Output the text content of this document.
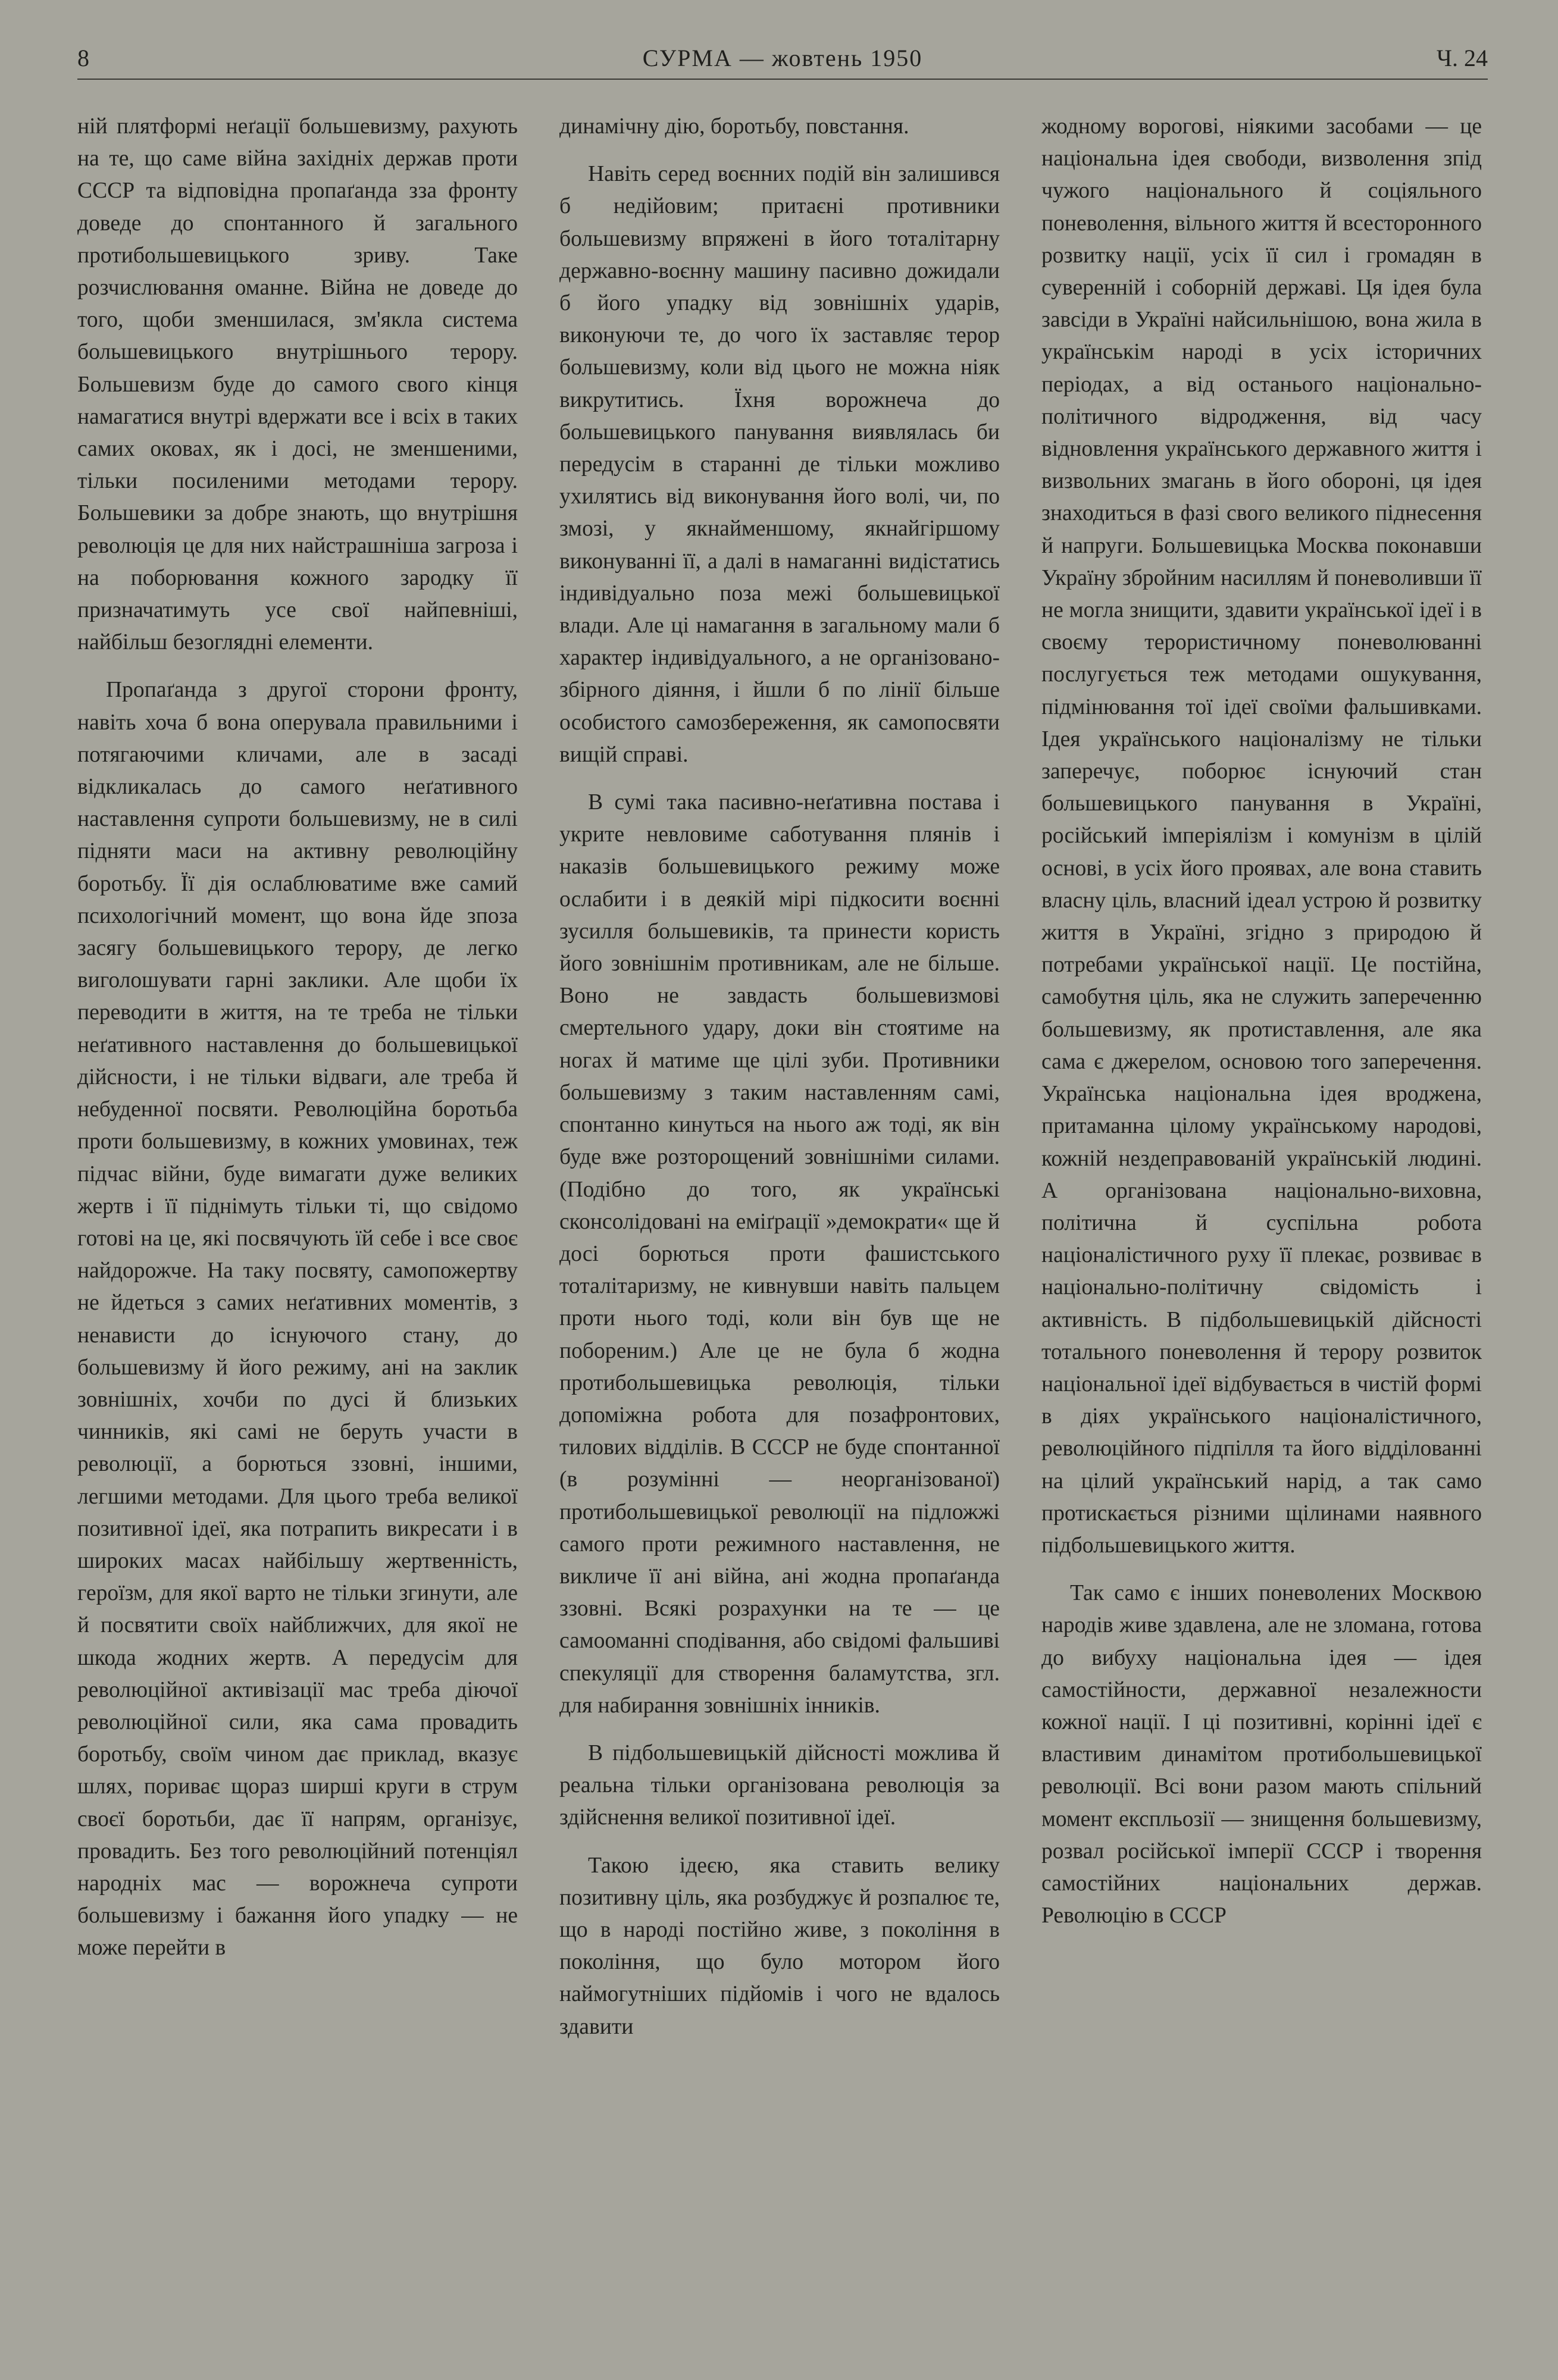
8	СУРМА — жовтень 1950	Ч. 24

ній плятформі неґації большевизму, рахують на те, що саме війна західніх держав проти СССР та відповідна пропаґанда зза фронту доведе до спонтанного й загального протибольшевицького зриву. Таке розчислювання оманне. Війна не доведе до того, щоби зменшилася, зм'якла система большевицького внутрішнього терору. Большевизм буде до самого свого кінця намагатися внутрі вдержати все і всіх в таких самих оковах, як і досі, не зменшеними, тільки посиленими методами терору. Большевики за добре знають, що внутрішня революція це для них найстрашніша загроза і на поборювання кожного зародку її призначатимуть усе свої найпевніші, найбільш безоглядні елементи.

Пропаґанда з другої сторони фронту, навіть хоча б вона оперувала правильними і потягаючими кличами, але в засаді відкликалась до самого неґативного наставлення супроти большевизму, не в силі підняти маси на активну революційну боротьбу. Її дія ослаблюватиме вже самий психологічний момент, що вона йде зпоза засягу большевицького терору, де легко виголошувати гарні заклики. Але щоби їх переводити в життя, на те треба не тільки неґативного наставлення до большевицької дійсности, і не тільки відваги, але треба й небуденної посвяти. Революційна боротьба проти большевизму, в кожних умовинах, теж підчас війни, буде вимагати дуже великих жертв і її піднімуть тільки ті, що свідомо готові на це, які посвячують їй себе і все своє найдорожче. На таку посвяту, самопожертву не йдеться з самих неґативних моментів, з ненависти до існуючого стану, до большевизму й його режиму, ані на заклик зовнішніх, хочби по дусі й близьких чинників, які самі не беруть участи в революції, а борються ззовні, іншими, легшими методами. Для цього треба великої позитивної ідеї, яка потрапить викресати і в широких масах найбільшу жертвенність, героїзм, для якої варто не тільки згинути, але й посвятити своїх найближчих, для якої не шкода жодних жертв. А передусім для революційної активізації мас треба діючої революційної сили, яка сама провадить боротьбу, своїм чином дає приклад, вказує шлях, пориває щораз ширші круги в струм своєї боротьби, дає її напрям, організує, провадить. Без того революційний потенціял народніх мас — ворожнеча супроти большевизму і бажання його упадку — не може перейти в

динамічну дію, боротьбу, повстання.

Навіть серед воєнних подій він залишився б недійовим; притаєні противники большевизму впряжені в його тоталітарну державно-воєнну машину пасивно дожидали б його упадку від зовнішніх ударів, виконуючи те, до чого їх заставляє терор большевизму, коли від цього не можна ніяк викрутитись. Їхня ворожнеча до большевицького панування виявлялась би передусім в старанні де тільки можливо ухилятись від виконування його волі, чи, по змозі, у якнайменшому, якнайгіршому виконуванні її, а далі в намаганні видістатись індивідуально поза межі большевицької влади. Але ці намагання в загальному мали б характер індивідуального, а не організовано-збірного діяння, і йшли б по лінії більше особистого самозбереження, як самопосвяти вищій справі.

В сумі така пасивно-неґативна постава і укрите невловиме саботування плянів і наказів большевицького режиму може ослабити і в деякій мірі підкосити воєнні зусилля большевиків, та принести користь його зовнішнім противникам, але не більше. Воно не завдасть большевизмові смертельного удару, доки він стоятиме на ногах й матиме ще цілі зуби. Противники большевизму з таким наставленням самі, спонтанно кинуться на нього аж тоді, як він буде вже розторощений зовнішніми силами. (Подібно до того, як українські сконсолідовані на еміґрації »демократи« ще й досі борються проти фашистського тоталітаризму, не кивнувши навіть пальцем проти нього тоді, коли він був ще не побореним.) Але це не була б жодна протибольшевицька революція, тільки допоміжна робота для позафронтових, тилових відділів. В СССР не буде спонтанної (в розумінні — неорганізованої) протибольшевицької революції на підложжі самого проти режимного наставлення, не викличе її ані війна, ані жодна пропаґанда ззовні. Всякі розрахунки на те — це самооманні сподівання, або свідомі фальшиві спекуляції для створення баламутства, згл. для набирання зовнішніх інників.

В підбольшевицькій дійсності можлива й реальна тільки організована революція за здійснення великої позитивної ідеї.

Такою ідеєю, яка ставить велику позитивну ціль, яка розбуджує й розпалює те, що в народі постійно живе, з покоління в покоління, що було мотором його наймогутніших підйомів і чого не вдалось здавити

жодному ворогові, ніякими засобами — це національна ідея свободи, визволення зпід чужого національного й соціяльного поневолення, вільного життя й всесторонного розвитку нації, усіх її сил і громадян в суверенній і соборній державі. Ця ідея була завсіди в Україні найсильнішою, вона жила в українськім народі в усіх історичних періодах, а від останього національно-політичного відродження, від часу відновлення українського державного життя і визвольних змагань в його обороні, ця ідея знаходиться в фазі свого великого піднесення й напруги. Большевицька Москва поконавши Україну збройним насиллям й поневоливши її не могла знищити, здавити української ідеї і в своєму терористичному поневолюванні послугується теж методами ошукування, підмінювання тої ідеї своїми фальшивками. Ідея українського націоналізму не тільки заперечує, поборює існуючий стан большевицького панування в Україні, російський імперіялізм і комунізм в цілій основі, в усіх його проявах, але вона ставить власну ціль, власний ідеал устрою й розвитку життя в Україні, згідно з природою й потребами української нації. Це постійна, самобутня ціль, яка не служить запереченню большевизму, як протиставлення, але яка сама є джерелом, основою того заперечення. Українська національна ідея вроджена, притаманна цілому українському народові, кожній нездеправованій українській людині. А організована національно-виховна, політична й суспільна робота націоналістичного руху її плекає, розвиває в національно-політичну свідомість і активність. В підбольшевицькій дійсності тотального поневолення й терору розвиток національної ідеї відбувається в чистій формі в діях українського націоналістичного, революційного підпілля та його відділованні на цілий український нарід, а так само протискається різними щілинами наявного підбольшевицького життя.

Так само є інших поневолених Москвою народів живе здавлена, але не зломана, готова до вибуху національна ідея — ідея самостійности, державної незалежности кожної нації. І ці позитивні, корінні ідеї є властивим динамітом протибольшевицької революції. Всі вони разом мають спільний момент експльозії — знищення большевизму, розвал російської імперії СССР і творення самостійних національних держав. Революцію в СССР
